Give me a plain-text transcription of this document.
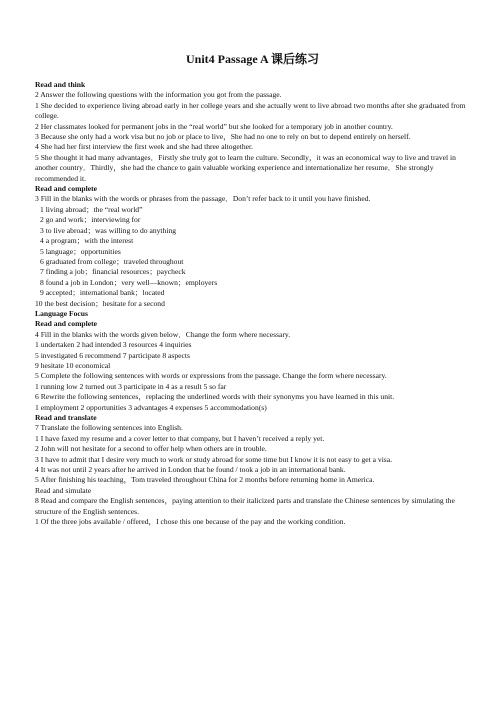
Unit4 Passage A 课后练习
Read and think
2 Answer the following questions with the information you got from the passage.
1 She decided to experience living abroad early in her college years and she actually went to live abroad two months after she graduated from college.
2 Her classmates looked for permanent jobs in the “real world” but she looked for a temporary job in another country.
3 Because she only had a work visa but no job or place to live，She had no one to rely on but to depend entirely on herself.
4 She had her first interview the first week and she had three altogether.
5 She thought it had many advantages．Firstly she truly got to learn the culture. Secondly，it was an economical way to live and travel in another country．Thirdly，she had the chance to gain valuable working experience and internationalize her resume．She strongly recommended it.
Read and complete
3 Fill in the blanks with the words or phrases from the passage．Don’t refer back to it until you have finished.
1 living abroad；the “real world”
2 go and work；interviewing for
3 to live abroad；was willing to do anything
4 a program；with the interest
5 language；opportunities
6 graduated from college；traveled throughout
7 finding a job；financial resources；paycheck
8 found a job in London；very well—known；employers
9 accepted；international bank；located
10 the best decision；hesitate for a second
Language Focus
Read and complete
4 Fill in the blanks with the words given below．Change the form where necessary.
1 undertaken 2 had intended 3 resources 4 inquiries
5 investigated 6 recommend 7 participate 8 aspects
9 hesitate 10 economical
5 Complete the following sentences with words or expressions from the passage. Change the form where necessary.
1 running low 2 turned out 3 participate in 4 as a result 5 so far
6 Rewrite the following sentences，replacing the underlined words with their synonyms you have learned in this unit.
1 employment 2 opportunities 3 advantages 4 expenses 5 accommodation(s)
Read and translate
7 Translate the following sentences into English.
1 I have faxed my resume and a cover letter to that company, but I haven’t received a reply yet.
2 John will not hesitate for a second to offer help when others are in trouble.
3 I have to admit that I desire very much to work or study abroad for some time but I know it is not easy to get a visa.
4 It was not until 2 years after he arrived in London that he found / took a job in an international bank.
5 After finishing his teaching，Tom traveled throughout China for 2 months before returning home in America.
Read and simulate
8 Read and compare the English sentences，paying attention to their italicized parts and translate the Chinese sentences by simulating the structure of the English sentences.
1 Of the three jobs available / offered，I chose this one because of the pay and the working condition.
